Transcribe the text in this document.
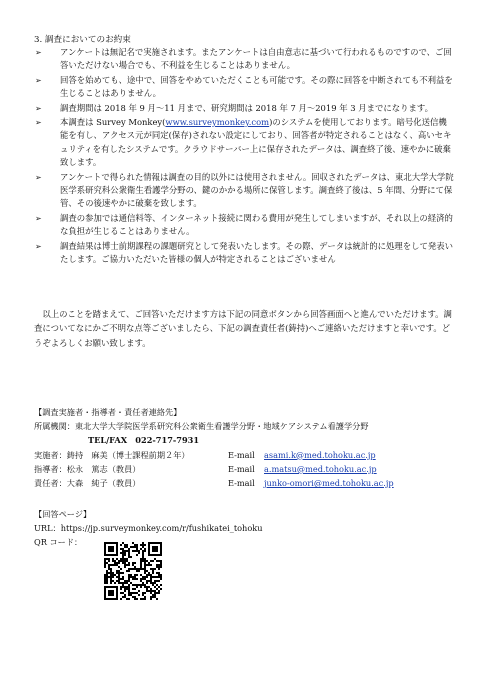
3. 調査においてのお約束
➢ アンケートは無記名で実施されます。またアンケートは自由意志に基づいて行われるものですので、ご回答いただけない場合でも、不利益を生じることはありません。

➢ 回答を始めても、途中で、回答をやめていただくことも可能です。その際に回答を中断されても不利益を生じることはありません。

➢ 調査期間は 2018 年 9 月～11 月まで、研究期間は 2018 年 7 月～2019 年 3 月までになります。

➢ 本調査は Survey Monkey(www.surveymonkey.com)のシステムを使用しております。暗号化送信機能を有し、アクセス元が同定(保存)されない設定にしており、回答者が特定されることはなく、高いセキュリティを有したシステムです。クラウドサーバー上に保存されたデータは、調査終了後、速やかに破棄致します。

➢ アンケートで得られた情報は調査の目的以外には使用されません。回収されたデータは、東北大学大学院医学系研究科公衆衛生看護学分野の、鍵のかかる場所に保管します。調査終了後は、5 年間、分野にて保管、その後速やかに破棄を致します。

➢ 調査の参加では通信料等、インターネット接続に関わる費用が発生してしまいますが、それ以上の経済的な負担が生じることはありません。

➢ 調査結果は博士前期課程の課題研究として発表いたします。その際、データは統計的に処理をして発表いたします。ご協力いただいた皆様の個人が特定されることはございません

以上のことを踏まえて、ご回答いただけます方は下記の同意ボタンから回答画面へと進んでいただけます。調査についてなにかご不明な点等ございましたら、下記の調査責任者(鋳持)へご連絡いただけますと幸いです。どうぞよろしくお願い致します。

【調査実施者・指導者・責任者連絡先】
所属機関：東北大学大学院医学系研究科公衆衛生看護学分野・地域ケアシステム看護学分野
TEL/FAX　022-717-7931
実施者：鋳持　麻美（博士課程前期２年）	E-mail asami.k@med.tohoku.ac.jp
指導者：松永　篤志（教員）	E-mail a.matsu@med.tohoku.ac.jp
責任者：大森　純子（教員）	E-mail junko-omori@med.tohoku.ac.jp
【回答ページ】
URL：https://jp.surveymonkey.com/r/fushikatei_tohoku
QR コード：
